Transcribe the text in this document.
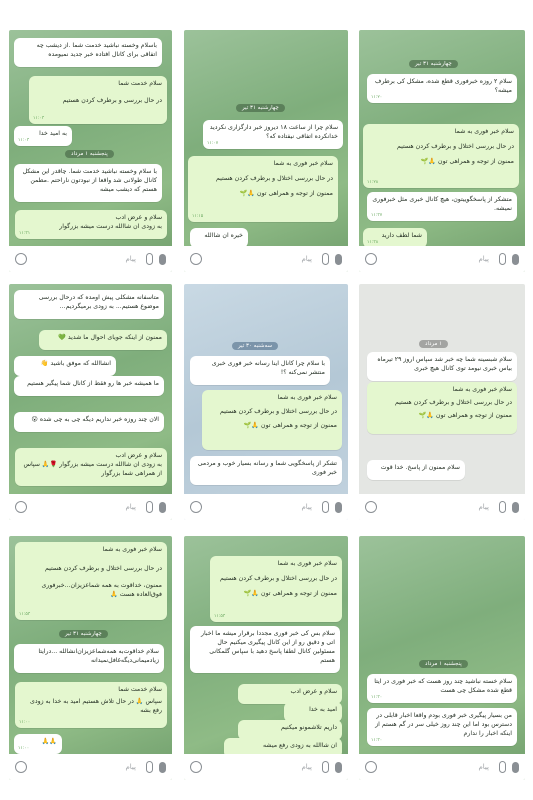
باسلام وخسته نباشید خدمت شما .از دیشب چه اتفاقی برای کانال افتاده خبر جدید نمیومده
سلام خدمت شما
در حال بررسی و برطرف کردن هستیم
۱۱:۰۳
به امید خدا
۱۱:۰۳
پنجشنبه ۱ مرداد
با سلام وخسته نباشید خدمت شما. چاقدر این مشکل کانال طولانی شد واقعا از نبودتون ناراحتم .مطمن هستم که دیشب میشه
سلام و عرض ادب
به زودی ان شاالله درست میشه بزرگوار
۱۱:۳۱
پیام
چهارشنبه ۳۱ تیر
سلام چرا از ساعت ۱۸ دیروز خبر دارگزاری نکردید خدانکرده اتفاقی نیفتاده که؟
۱۱:۰۷
سلام خبر فوری به شما
در حال بررسی اختلال و برطرف کردن هستیم
ممنون از توجه و همراهی تون 🙏🌱
۱۱:۱۵
خیره ان شاالله
پیام
چهارشنبه ۳۱ تیر
سلام ۲ روزه خبرفوری قطع شده، مشکل کی برطرف میشه؟
۱۱:۲۰
سلام خبر فوری به شما
در حال بررسی اختلال و برطرف کردن هستیم
ممنون از توجه و همراهی تون 🙏🌱
۱۱:۲۸
متشکر از پاسخگوییتون، هیچ کانال خبری مثل خبرفوری نمیشه.
۱۱:۳۷
شما لطف دارید
۱۱:۳۸
پیام
متاسفانه مشکلی پیش اومده که درحال بررسی موضوع هستیم... به زودی برمیگردیم...
ممنون از اینکه جویای احوال ما شدید 💚
انشاالله که موفق باشید 👋
ما همیشه خبر ها رو فقط از کانال شما پیگیر هستیم
الان چند روزه خبر نداریم دیگه چی به چی شده 😮
سلام و عرض ادب
به زودی ان شاالله درست میشه بزرگوار 🌹🙏 سپاس از همراهی شما بزرگوار
پیام
سه‌شنبه ۳۰ تیر
با سلام چرا کانال اینا رسانه خبر فوری خبری منتشر نمی‌کنه ؟!
سلام خبر فوری به شما
در حال بررسی اختلال و برطرف کردن هستیم
ممنون از توجه و همراهی تون 🙏🌱
تشکر از پاسخگویی شما و رسانه بسیار خوب و مردمی خبر فوری
پیام
۱ مرداد
سلام شبسینه شما چه خبر شد سپاس اروز ۲۹ تیرماه بیاس خبری نیومد توی کانال هیچ خبری
سلام خبر فوری به شما
در حال بررسی اختلال و برطرف کردن هستیم
ممنون از توجه و همراهی تون 🙏🌱
سلام ممنون از پاسخ. خدا قوت
پیام
سلام خبر فوری به شما
در حال بررسی اختلال و برطرف کردن هستیم
ممنون، خداقوت به همه شماعزیزان...خبرفوری فوق‌العاده هست 🙏
۱۱:۵۳
چهارشنبه ۳۱ تیر
سلام خداقوت‌به همه‌شماعزیزان‌انشالله ...درایتا زیادمیمانی‌دیگه‌غافل‌نمیدانه
سلام خدمت شما
سپاس 🙏 در حال تلاش هستیم امید به خدا به زودی رفع بشه
۱۱:۰۰
🙏🙏
۱۱:۰۰
پیام
سلام خبر فوری به شما
در حال بررسی اختلال و برطرف کردن هستیم
ممنون از توجه و همراهی تون 🙏🌱
۱۱:۵۳
سلام بس کی خبر فوری مجددا برقرار میشه ما اخبار اتی و دقیق رو از این کانال پیگیری میکنیم حال مسئولین کانال لطفا پاسخ دهید با سپاس گلمکانی هستم
سلام و عرض ادب
امید به خدا
داریم تلاشمونو میکنیم
ان شاالله به زودی رفع میشه
پیام
پنجشنبه ۱ مرداد
سلام خسته نباشید چند روز هست که خبر فوری در ایتا قطع شده مشکل چی هست
۱۱:۳۰
من بسیار پیگیری خبر فوری بودم واقعا اخبار قابلی در دسترس بود اما این چند روز خیلی سر در گم هستم از اینکه اخبار را ندارم
۱۱:۳۰
پیام
